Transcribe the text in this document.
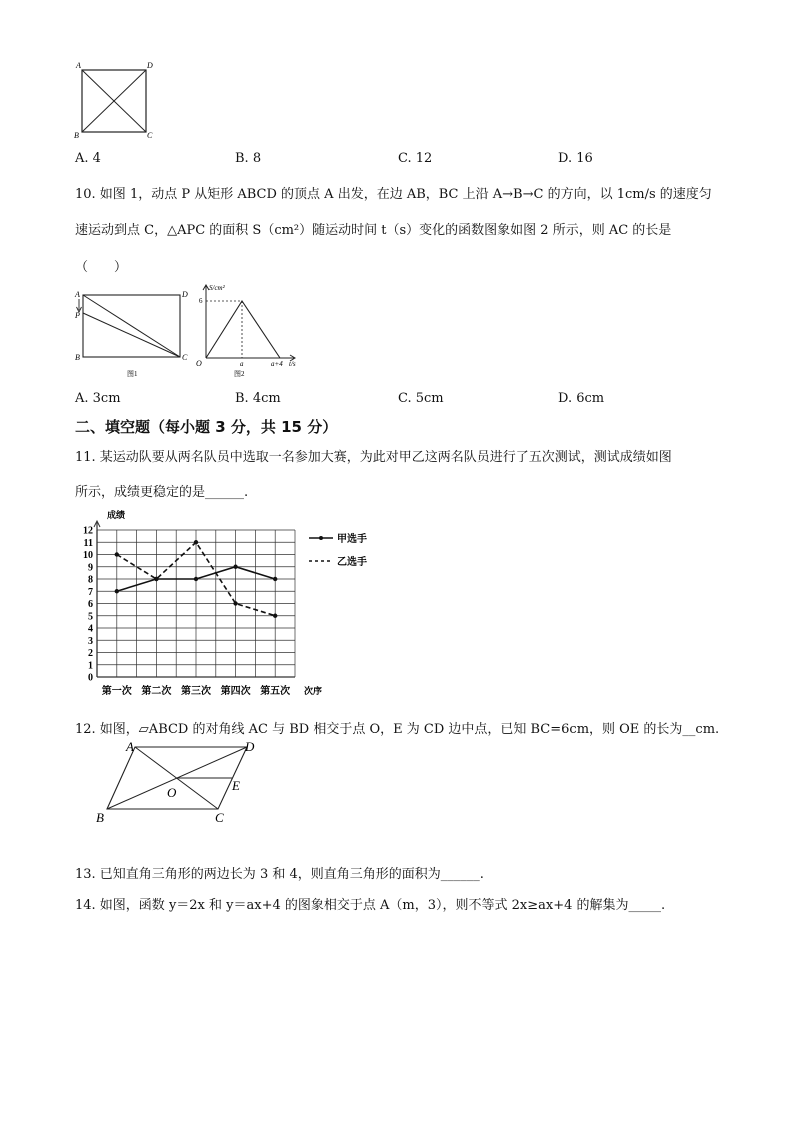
A	D
B	C
A. 4	B. 8	C. 12	D. 16
10. 如图 1，动点 P 从矩形 ABCD 的顶点 A 出发，在边 AB，BC 上沿 A→B→C 的方向，以 1cm/s 的速度匀
速运动到点 C，△APC 的面积 S（cm²）随运动时间 t（s）变化的函数图象如图 2 所示，则 AC 的长是
（　　）
A	D
P
B	C
图1
S/cm²
6
O	a	a+4 t/s
图2
A. 3cm	B. 4cm	C. 5cm	D. 6cm
二、填空题（每小题 3 分，共 15 分）
11. 某运动队要从两名队员中选取一名参加大赛，为此对甲乙这两名队员进行了五次测试，测试成绩如图
所示，成绩更稳定的是______.
0
1
2
3
4
5
6
7
8
9
10
11
12
第一次 第二次 第三次 第四次 第五次
成绩
次序
甲选手
乙选手
12. 如图，▱ABCD 的对角线 AC 与 BD 相交于点 O，E 为 CD 边中点，已知 BC=6cm，则 OE 的长为__cm.
A	D
O	E
B	C
13. 已知直角三角形的两边长为 3 和 4，则直角三角形的面积为______.
14. 如图，函数 y＝2x 和 y＝ax+4 的图象相交于点 A（m，3），则不等式 2x≥ax+4 的解集为_____.
